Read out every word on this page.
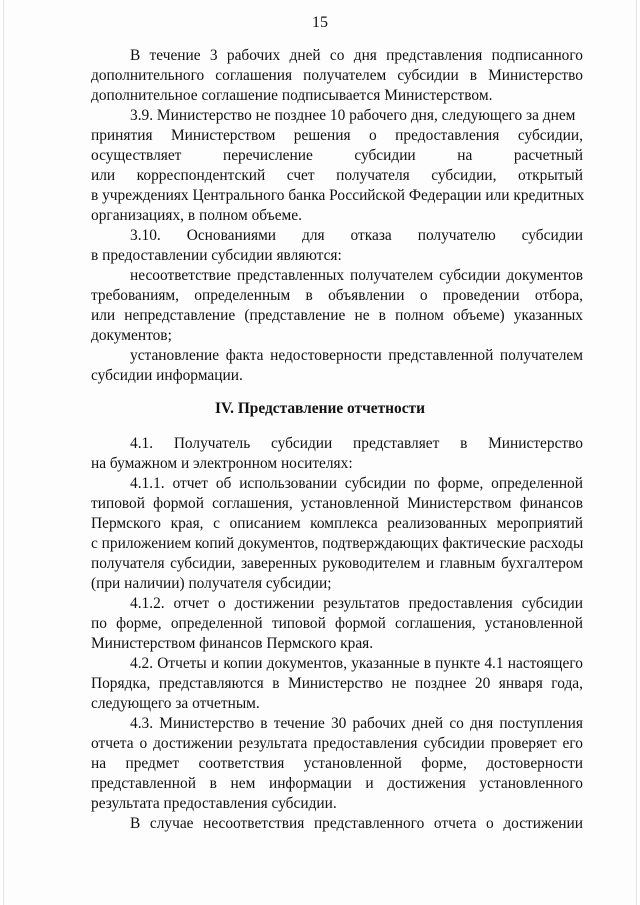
15
В течение 3 рабочих дней со дня представления подписанного
дополнительного соглашения получателем субсидии в Министерство
дополнительное соглашение подписывается Министерством.
3.9. Министерство не позднее 10 рабочего дня, следующего за днем
принятия Министерством решения о предоставления субсидии,
осуществляет перечисление субсидии на расчетный
или корреспондентский счет получателя субсидии, открытый
в учреждениях Центрального банка Российской Федерации или кредитных
организациях, в полном объеме.
3.10. Основаниями для отказа получателю субсидии
в предоставлении субсидии являются:
несоответствие представленных получателем субсидии документов
требованиям, определенным в объявлении о проведении отбора,
или непредставление (представление не в полном объеме) указанных
документов;
установление факта недостоверности представленной получателем
субсидии информации.
IV. Представление отчетности
4.1. Получатель субсидии представляет в Министерство
на бумажном и электронном носителях:
4.1.1. отчет об использовании субсидии по форме, определенной
типовой формой соглашения, установленной Министерством финансов
Пермского края, с описанием комплекса реализованных мероприятий
с приложением копий документов, подтверждающих фактические расходы
получателя субсидии, заверенных руководителем и главным бухгалтером
(при наличии) получателя субсидии;
4.1.2. отчет о достижении результатов предоставления субсидии
по форме, определенной типовой формой соглашения, установленной
Министерством финансов Пермского края.
4.2. Отчеты и копии документов, указанные в пункте 4.1 настоящего
Порядка, представляются в Министерство не позднее 20 января года,
следующего за отчетным.
4.3. Министерство в течение 30 рабочих дней со дня поступления
отчета о достижении результата предоставления субсидии проверяет его
на предмет соответствия установленной форме, достоверности
представленной в нем информации и достижения установленного
результата предоставления субсидии.
В случае несоответствия представленного отчета о достижении
